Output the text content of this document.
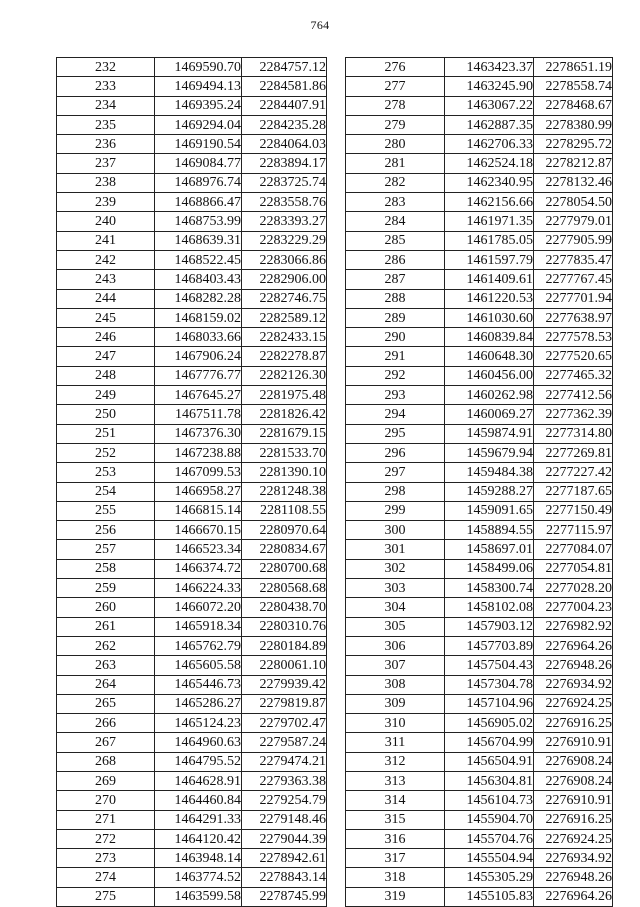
764
232	1469590.70	2284757.12
233	1469494.13	2284581.86
234	1469395.24	2284407.91
235	1469294.04	2284235.28
236	1469190.54	2284064.03
237	1469084.77	2283894.17
238	1468976.74	2283725.74
239	1468866.47	2283558.76
240	1468753.99	2283393.27
241	1468639.31	2283229.29
242	1468522.45	2283066.86
243	1468403.43	2282906.00
244	1468282.28	2282746.75
245	1468159.02	2282589.12
246	1468033.66	2282433.15
247	1467906.24	2282278.87
248	1467776.77	2282126.30
249	1467645.27	2281975.48
250	1467511.78	2281826.42
251	1467376.30	2281679.15
252	1467238.88	2281533.70
253	1467099.53	2281390.10
254	1466958.27	2281248.38
255	1466815.14	2281108.55
256	1466670.15	2280970.64
257	1466523.34	2280834.67
258	1466374.72	2280700.68
259	1466224.33	2280568.68
260	1466072.20	2280438.70
261	1465918.34	2280310.76
262	1465762.79	2280184.89
263	1465605.58	2280061.10
264	1465446.73	2279939.42
265	1465286.27	2279819.87
266	1465124.23	2279702.47
267	1464960.63	2279587.24
268	1464795.52	2279474.21
269	1464628.91	2279363.38
270	1464460.84	2279254.79
271	1464291.33	2279148.46
272	1464120.42	2279044.39
273	1463948.14	2278942.61
274	1463774.52	2278843.14
275	1463599.58	2278745.99
276	1463423.37	2278651.19
277	1463245.90	2278558.74
278	1463067.22	2278468.67
279	1462887.35	2278380.99
280	1462706.33	2278295.72
281	1462524.18	2278212.87
282	1462340.95	2278132.46
283	1462156.66	2278054.50
284	1461971.35	2277979.01
285	1461785.05	2277905.99
286	1461597.79	2277835.47
287	1461409.61	2277767.45
288	1461220.53	2277701.94
289	1461030.60	2277638.97
290	1460839.84	2277578.53
291	1460648.30	2277520.65
292	1460456.00	2277465.32
293	1460262.98	2277412.56
294	1460069.27	2277362.39
295	1459874.91	2277314.80
296	1459679.94	2277269.81
297	1459484.38	2277227.42
298	1459288.27	2277187.65
299	1459091.65	2277150.49
300	1458894.55	2277115.97
301	1458697.01	2277084.07
302	1458499.06	2277054.81
303	1458300.74	2277028.20
304	1458102.08	2277004.23
305	1457903.12	2276982.92
306	1457703.89	2276964.26
307	1457504.43	2276948.26
308	1457304.78	2276934.92
309	1457104.96	2276924.25
310	1456905.02	2276916.25
311	1456704.99	2276910.91
312	1456504.91	2276908.24
313	1456304.81	2276908.24
314	1456104.73	2276910.91
315	1455904.70	2276916.25
316	1455704.76	2276924.25
317	1455504.94	2276934.92
318	1455305.29	2276948.26
319	1455105.83	2276964.26
